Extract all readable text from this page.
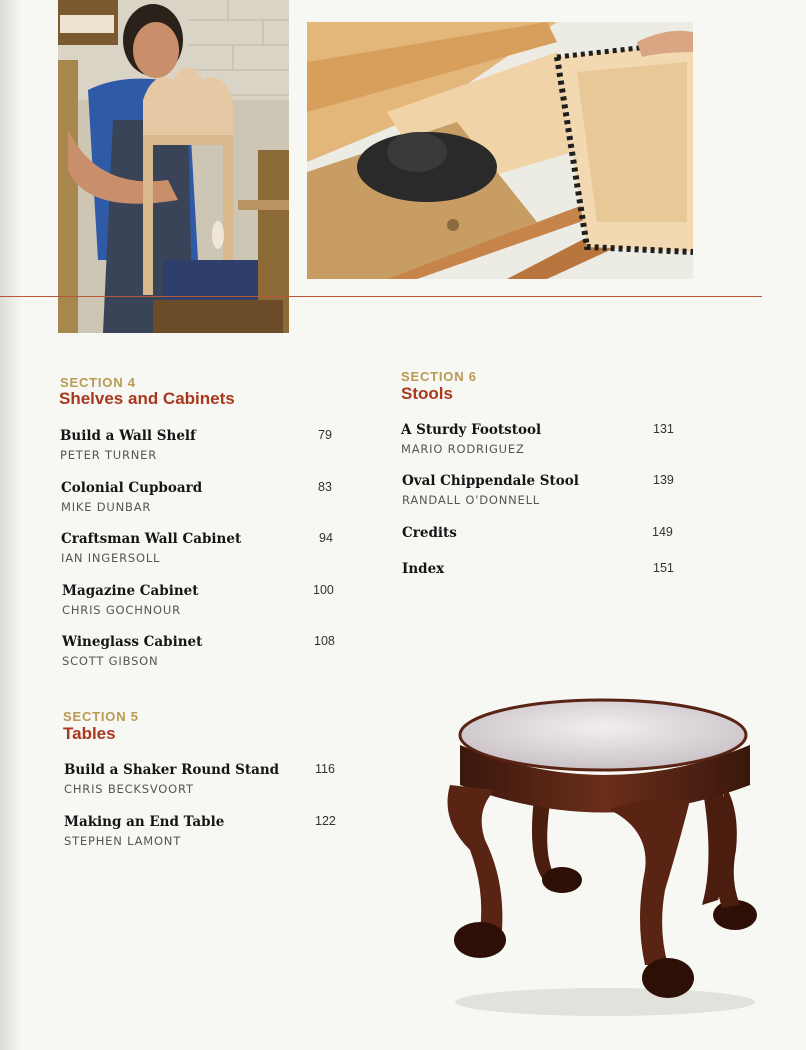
SECTION 4
Shelves and Cabinets
Build a Wall Shelf
PETER TURNER
79
Colonial Cupboard
MIKE DUNBAR
83
Craftsman Wall Cabinet
IAN INGERSOLL
94
Magazine Cabinet
CHRIS GOCHNOUR
100
Wineglass Cabinet
SCOTT GIBSON
108
SECTION 5
Tables
Build a Shaker Round Stand
CHRIS BECKSVOORT
116
Making an End Table
STEPHEN LAMONT
122
SECTION 6
Stools
A Sturdy Footstool
MARIO RODRIGUEZ
131
Oval Chippendale Stool
RANDALL O'DONNELL
139
Credits	149
Index	151
